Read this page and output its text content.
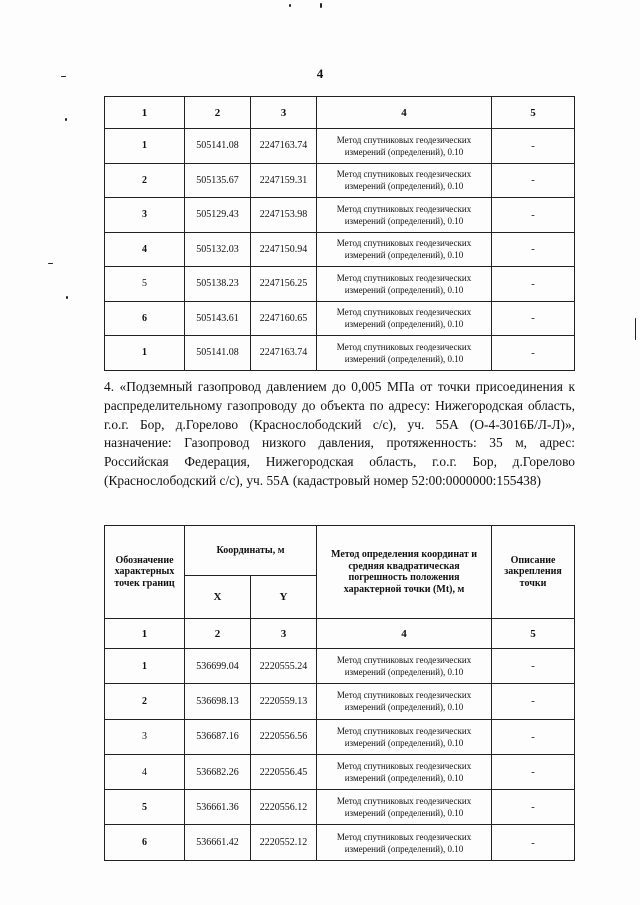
4
1	2	3	4	5
1	505141.08	2247163.74	Метод спутниковых геодезических измерений (определений), 0.10	-
2	505135.67	2247159.31	Метод спутниковых геодезических измерений (определений), 0.10	-
3	505129.43	2247153.98	Метод спутниковых геодезических измерений (определений), 0.10	-
4	505132.03	2247150.94	Метод спутниковых геодезических измерений (определений), 0.10	-
5	505138.23	2247156.25	Метод спутниковых геодезических измерений (определений), 0.10	-
6	505143.61	2247160.65	Метод спутниковых геодезических измерений (определений), 0.10	-
1	505141.08	2247163.74	Метод спутниковых геодезических измерений (определений), 0.10	-

4. «Подземный газопровод давлением до 0,005 МПа от точки присоединения к распределительному газопроводу до объекта по адресу: Нижегородская область, г.о.г. Бор, д.Горелово (Краснослободский с/с), уч. 55А (О-4-3016Б/Л-Л)», назначение: Газопровод низкого давления, протяженность: 35 м, адрес: Российская Федерация, Нижегородская область, г.о.г. Бор, д.Горелово (Краснослободский с/с), уч. 55А (кадастровый номер 52:00:0000000:155438)

Обозначение характерных точек границ	Координаты, м		Метод определения координат и средняя квадратическая погрешность положения характерной точки (Mt), м	Описание закрепления точки
	X	Y		
1	2	3	4	5
1	536699.04	2220555.24	Метод спутниковых геодезических измерений (определений), 0.10	-
2	536698.13	2220559.13	Метод спутниковых геодезических измерений (определений), 0.10	-
3	536687.16	2220556.56	Метод спутниковых геодезических измерений (определений), 0.10	-
4	536682.26	2220556.45	Метод спутниковых геодезических измерений (определений), 0.10	-
5	536661.36	2220556.12	Метод спутниковых геодезических измерений (определений), 0.10	-
6	536661.42	2220552.12	Метод спутниковых геодезических измерений (определений), 0.10	-
